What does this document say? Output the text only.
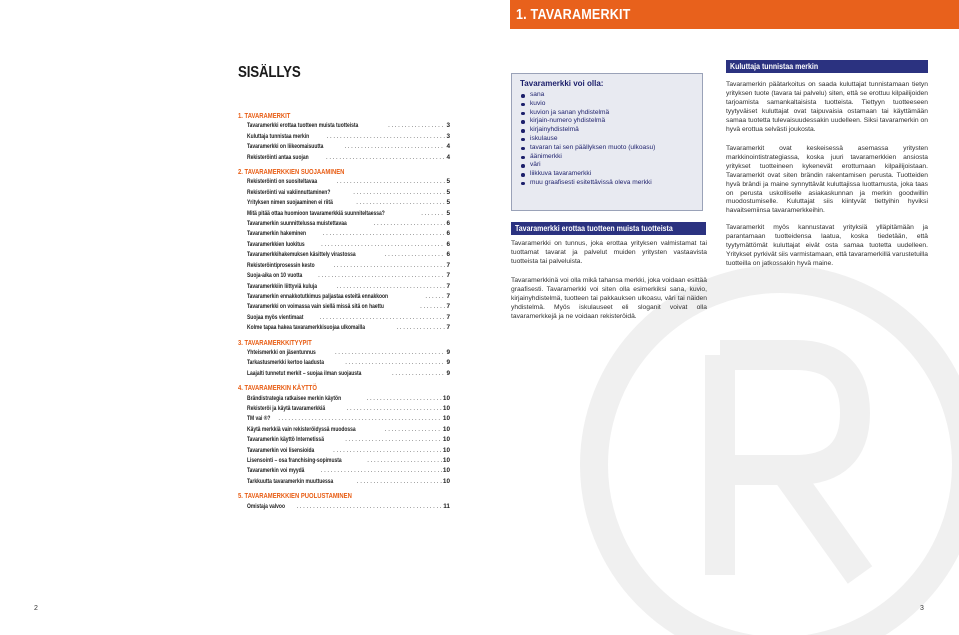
SISÄLLYS
1. TAVARAMERKIT
Tavaramerkki erottaa tuotteen muista tuotteista . . .	3
Kuluttaja tunnistaa merkin . . .	3
Tavaramerkki on liikeomaisuutta . . .	4
Rekisteröinti antaa suojan . . .	4
2. TAVARAMERKKIEN SUOJAAMINEN
Rekisteröinti on suositeltavaa . . .	5
Rekisteröinti vai vakiinnuttaminen? . . .	5
Yrityksen nimen suojaaminen ei riitä . . .	5
Mitä pitää ottaa huomioon tavaramerkkiä suunniteltaessa? . . .	5
Tavaramerkin suunnittelussa muistettavaa . . .	6
Tavaramerkin hakeminen . . .	6
Tavaramerkkien luokitus . . .	6
Tavaramerkkihakemuksen käsittely virastossa . . .	6
Rekisteröintiprosessin kesto . . .	7
Suoja-aika on 10 vuotta . . .	7
Tavaramerkkiin liittyviä kuluja . . .	7
Tavaramerkin ennakkotutkimus paljastaa esteitä ennakkoon . . .	7
Tavaramerkki on voimassa vain siellä missä sitä on haettu . . .	7
Suojaa myös vientimaat . . .	7
Kolme tapaa hakea tavaramerkkisuojaa ulkomailla . . .	7
3. TAVARAMERKKITYYPIT
Yhteismerkki on jäsentunnus . . .	9
Tarkastusmerkki kertoo laadusta . . .	9
Laajalti tunnetut merkit – suojaa ilman suojausta . . .	9
4. TAVARAMERKIN KÄYTTÖ
Brändistrategia ratkaisee merkin käytön . . .	10
Rekisteröi ja käytä tavaramerkkiä . . .	10
TM vai ®? . . .	10
Käytä merkkiä vain rekisteröidyssä muodossa . . .	10
Tavaramerkin käyttö Internetissä . . .	10
Tavaramerkin voi lisensioida . . .	10
Lisensointi – osa franchising-sopimusta . . .	10
Tavaramerkin voi myydä . . .	10
Tarkkuutta tavaramerkin muuttuessa . . .	10
5. TAVARAMERKKIEN PUOLUSTAMINEN
Omistaja valvoo . . .	11
2
1. TAVARAMERKIT
Tavaramerkki voi olla:
sana
kuvio
kuvion ja sanan yhdistelmä
kirjain-numero yhdistelmä
kirjainyhdistelmä
iskulause
tavaran tai sen päällyksen muoto (ulkoasu)
äänimerkki
väri
liikkuva tavaramerkki
muu graafisesti esitettävissä oleva merkki
Tavaramerkki erottaa tuotteen muista tuotteista
Tavaramerkki on tunnus, joka erottaa yrityksen valmistamat tai tuottamat tavarat ja palvelut muiden yritysten vastaavista tuotteista tai palveluista.
Tavaramerkkinä voi olla mikä tahansa merkki, joka voidaan esittää graafisesti. Tavaramerkki voi siten olla esimerkiksi sana, kuvio, kirjainyhdistelmä, tuotteen tai pakkauksen ulkoasu, väri tai näiden yhdistelmä. Myös iskulauseet eli sloganit voivat olla tavaramerkkejä ja ne voidaan rekisteröidä.
Kuluttaja tunnistaa merkin
Tavaramerkin päätarkoitus on saada kuluttajat tunnistamaan tietyn yrityksen tuote (tavara tai palvelu) siten, että se erottuu kilpailijoiden tarjoamista samankaltaisista tuotteista. Tiettyyn tuotteeseen tyytyväiset kuluttajat ovat taipuvaisia ostamaan tai käyttämään samaa tuotetta tulevaisuudessakin uudelleen. Siksi tavaramerkin on hyvä erottua selvästi joukosta.
Tavaramerkit ovat keskeisessä asemassa yritysten markkinointistrategiassa, koska juuri tavaramerkkien ansiosta yritykset tuotteineen kykenevät erottumaan kilpailijoistaan. Tavaramerkit ovat siten brändin rakentamisen perusta. Tuotteiden hyvä brändi ja maine synnyttävät kuluttajissa luottamusta, joka taas on perusta uskolliselle asiakaskunnan ja merkin goodwillin muodostumiselle. Kuluttajat siis kiintyvät tiettyihin hyviksi havaitsemiinsa tavaramerkkeihin.
Tavaramerkit myös kannustavat yrityksiä ylläpitämään ja parantamaan tuotteidensa laatua, koska tiedetään, että tyytymättömät kuluttajat eivät osta samaa tuotetta uudelleen. Yritykset pyrkivät siis varmistamaan, että tavaramerkillä varustetuilla tuotteilla on jatkossakin hyvä maine.
3
